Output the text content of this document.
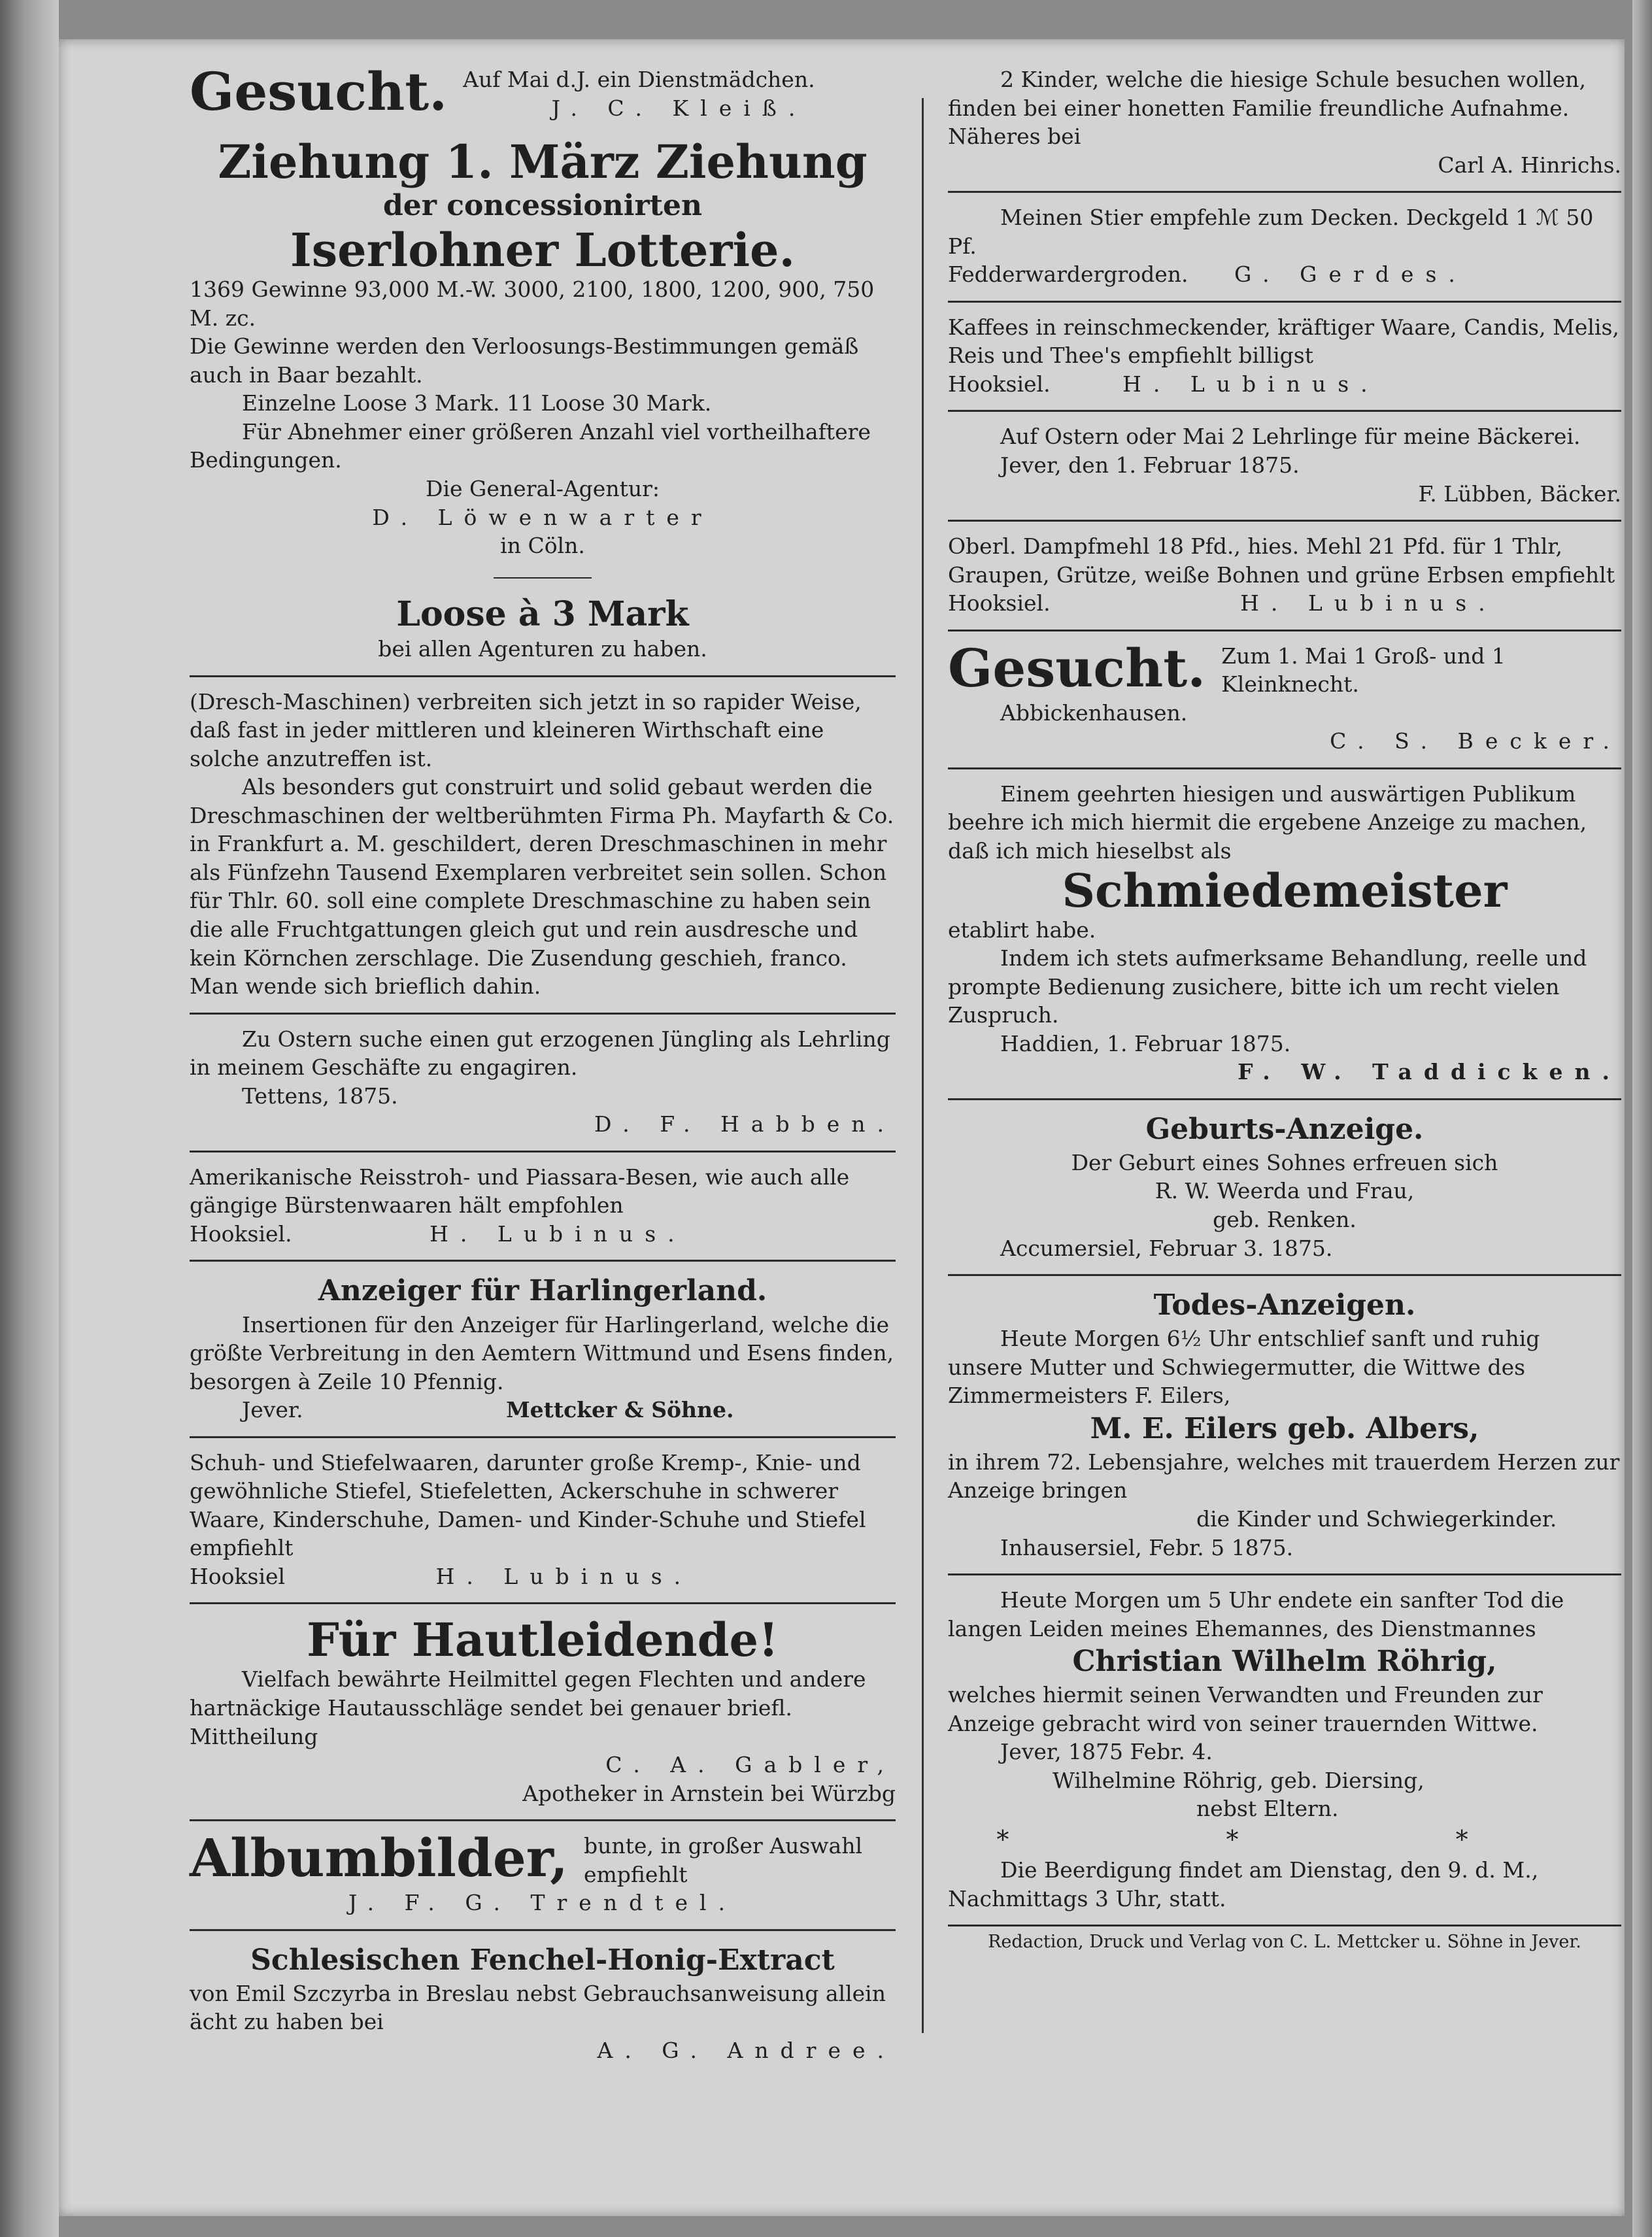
Gesucht. Auf Mai d.J. ein Dienstmädchen.

J. C. Kleiß.

Ziehung 1. März Ziehung
der concessionirten
Iserlohner Lotterie.

1369 Gewinne 93,000 M.-W. 3000, 2100, 1800, 1200, 900, 750 M. zc.

Die Gewinne werden den Verloosungs-Bestimmungen gemäß auch in Baar bezahlt.

Einzelne Loose 3 Mark. 11 Loose 30 Mark.

Für Abnehmer einer größeren Anzahl viel vortheilhaftere Bedingungen.

Die General-Agentur:

D. Löwenwarter

in Cöln.

Loose à 3 Mark

bei allen Agenturen zu haben.

(Dresch-Maschinen) verbreiten sich jetzt in so rapider Weise, daß fast in jeder mittleren und kleineren Wirthschaft eine solche anzutreffen ist.

Als besonders gut construirt und solid gebaut werden die Dreschmaschinen der weltberühmten Firma Ph. Mayfarth & Co. in Frankfurt a. M. geschildert, deren Dreschmaschinen in mehr als Fünfzehn Tausend Exemplaren verbreitet sein sollen. Schon für Thlr. 60. soll eine complete Dreschmaschine zu haben sein die alle Fruchtgattungen gleich gut und rein ausdresche und kein Körnchen zerschlage. Die Zusendung geschieh, franco. Man wende sich brieflich dahin.

Zu Ostern suche einen gut erzogenen Jüngling als Lehrling in meinem Geschäfte zu engagiren.

Tettens, 1875.

D. F. Habben.

Amerikanische Reisstroh- und Piassara-Besen, wie auch alle gängige Bürstenwaaren hält empfohlen

Hooksiel.	H. Lubinus.

Anzeiger für Harlingerland.

Insertionen für den Anzeiger für Harlingerland, welche die größte Verbreitung in den Aemtern Wittmund und Esens finden, besorgen à Zeile 10 Pfennig.

Jever.	Mettcker & Söhne.

Schuh- und Stiefelwaaren, darunter große Kremp-, Knie- und gewöhnliche Stiefel, Stiefeletten, Ackerschuhe in schwerer Waare, Kinderschuhe, Damen- und Kinder-Schuhe und Stiefel empfiehlt

Hooksiel	H. Lubinus.

Für Hautleidende!

Vielfach bewährte Heilmittel gegen Flechten und andere hartnäckige Hautausschläge sendet bei genauer briefl. Mittheilung

C. A. Gabler,

Apotheker in Arnstein bei Würzbg

Albumbilder, bunte, in großer Auswahl empfiehlt

J. F. G. Trendtel.

Schlesischen Fenchel-Honig-Extract

von Emil Szczyrba in Breslau nebst Gebrauchsanweisung allein ächt zu haben bei

A. G. Andree.

2 Kinder, welche die hiesige Schule besuchen wollen, finden bei einer honetten Familie freundliche Aufnahme. Näheres bei

Carl A. Hinrichs.

Meinen Stier empfehle zum Decken. Deckgeld 1 ℳ 50 Pf.

Fedderwardergroden. G. Gerdes.

Kaffees in reinschmeckender, kräftiger Waare, Candis, Melis, Reis und Thee's empfiehlt billigst

Hooksiel.	H. Lubinus.

Auf Ostern oder Mai 2 Lehrlinge für meine Bäckerei.

Jever, den 1. Februar 1875.

F. Lübben, Bäcker.

Oberl. Dampfmehl 18 Pfd., hies. Mehl 21 Pfd. für 1 Thlr, Graupen, Grütze, weiße Bohnen und grüne Erbsen empfiehlt

Hooksiel.	H. Lubinus.

Gesucht. Zum 1. Mai 1 Groß- und 1 Kleinknecht.

Abbickenhausen.

C. S. Becker.

Einem geehrten hiesigen und auswärtigen Publikum beehre ich mich hiermit die ergebene Anzeige zu machen, daß ich mich hieselbst als

Schmiedemeister

etablirt habe.

Indem ich stets aufmerksame Behandlung, reelle und prompte Bedienung zusichere, bitte ich um recht vielen Zuspruch.

Haddien, 1. Februar 1875.

F. W. Taddicken.

Geburts-Anzeige.

Der Geburt eines Sohnes erfreuen sich

R. W. Weerda und Frau,

geb. Renken.

Accumersiel, Februar 3. 1875.

Todes-Anzeigen.

Heute Morgen 6½ Uhr entschlief sanft und ruhig unsere Mutter und Schwiegermutter, die Wittwe des Zimmermeisters F. Eilers,

M. E. Eilers geb. Albers,

in ihrem 72. Lebensjahre, welches mit trauerdem Herzen zur Anzeige bringen

die Kinder und Schwiegerkinder.

Inhausersiel, Febr. 5 1875.

Heute Morgen um 5 Uhr endete ein sanfter Tod die langen Leiden meines Ehemannes, des Dienstmannes

Christian Wilhelm Röhrig,

welches hiermit seinen Verwandten und Freunden zur Anzeige gebracht wird von seiner trauernden Wittwe.

Jever, 1875 Febr. 4.

Wilhelmine Röhrig, geb. Diersing,

nebst Eltern.

* * *

Die Beerdigung findet am Dienstag, den 9. d. M., Nachmittags 3 Uhr, statt.

Redaction, Druck und Verlag von C. L. Mettcker u. Söhne in Jever.
